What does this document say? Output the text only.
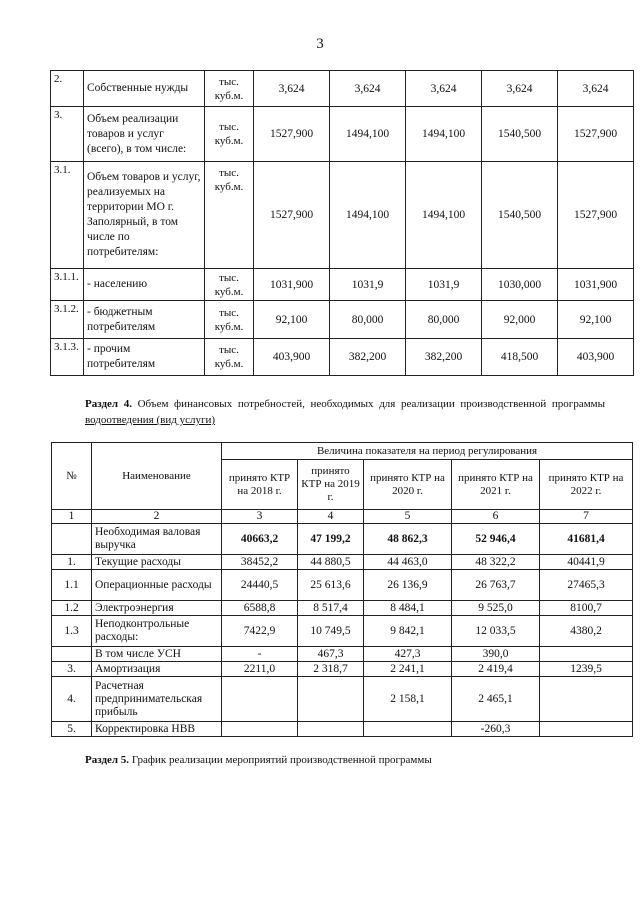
3
2.	Собственные нужды	тыс. куб.м.	3,624	3,624	3,624	3,624	3,624
3.	Объем реализации товаров и услуг (всего), в том числе:	тыс. куб.м.	1527,900	1494,100	1494,100	1540,500	1527,900
3.1.	Объем товаров и услуг, реализуемых на территории МО г. Заполярный, в том числе по потребителям:	тыс. куб.м.	1527,900	1494,100	1494,100	1540,500	1527,900
3.1.1.	- населению	тыс. куб.м.	1031,900	1031,9	1031,9	1030,000	1031,900
3.1.2.	- бюджетным потребителям	тыс. куб.м.	92,100	80,000	80,000	92,000	92,100
3.1.3.	- прочим потребителям	тыс. куб.м.	403,900	382,200	382,200	418,500	403,900
Раздел 4. Объем финансовых потребностей, необходимых для реализации производственной программы водоотведения (вид услуги)
№	Наименование	Величина показателя на период регулирования				
		принято КТР на 2018 г.	принято КТР на 2019 г.	принято КТР на 2020 г.	принято КТР на 2021 г.	принято КТР на 2022 г.
1	2	3	4	5	6	7
	Необходимая валовая выручка	40663,2	47 199,2	48 862,3	52 946,4	41681,4
1.	Текущие расходы	38452,2	44 880,5	44 463,0	48 322,2	40441,9
1.1	Операционные расходы	24440,5	25 613,6	26 136,9	26 763,7	27465,3
1.2	Электроэнергия	6588,8	8 517,4	8 484,1	9 525,0	8100,7
1.3	Неподконтрольные расходы:	7422,9	10 749,5	9 842,1	12 033,5	4380,2
	В том числе УСН	-	467,3	427,3	390,0	
3.	Амортизация	2211,0	2 318,7	2 241,1	2 419,4	1239,5
4.	Расчетная предпринимательская прибыль			2 158,1	2 465,1	
5.	Корректировка НВВ				-260,3	
Раздел 5. График реализации мероприятий производственной программы
